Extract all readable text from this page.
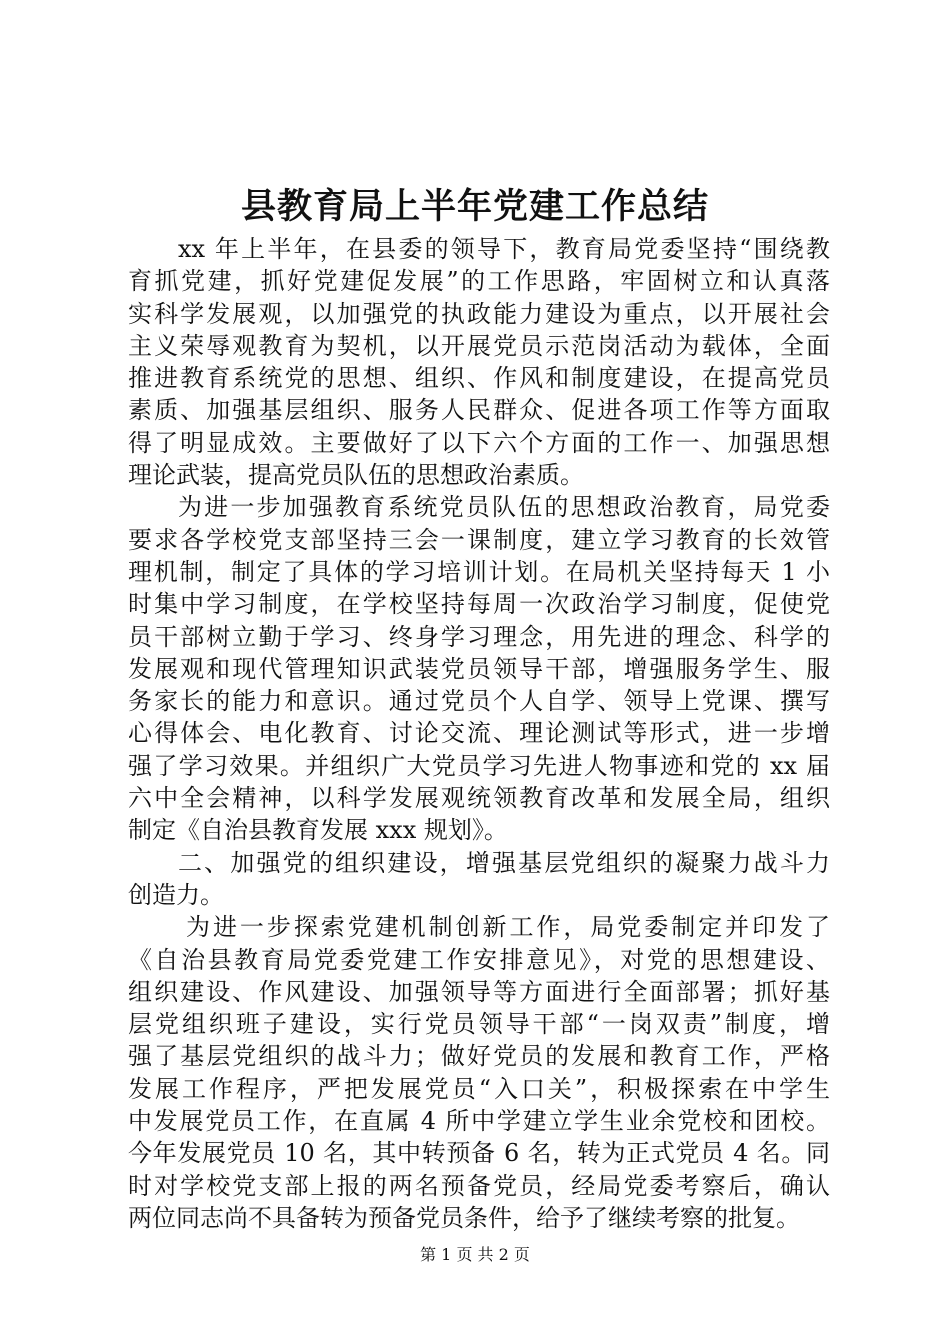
县教育局上半年党建工作总结

xx 年上半年，在县委的领导下，教育局党委坚持“围绕教

育抓党建，抓好党建促发展”的工作思路，牢固树立和认真落

实科学发展观，以加强党的执政能力建设为重点，以开展社会

主义荣辱观教育为契机，以开展党员示范岗活动为载体，全面

推进教育系统党的思想、组织、作风和制度建设，在提高党员

素质、加强基层组织、服务人民群众、促进各项工作等方面取

得了明显成效。主要做好了以下六个方面的工作一、加强思想

理论武装，提高党员队伍的思想政治素质。

为进一步加强教育系统党员队伍的思想政治教育，局党委

要求各学校党支部坚持三会一课制度，建立学习教育的长效管

理机制，制定了具体的学习培训计划。在局机关坚持每天 1 小

时集中学习制度，在学校坚持每周一次政治学习制度，促使党

员干部树立勤于学习、终身学习理念，用先进的理念、科学的

发展观和现代管理知识武装党员领导干部，增强服务学生、服

务家长的能力和意识。通过党员个人自学、领导上党课、撰写

心得体会、电化教育、讨论交流、理论测试等形式，进一步增

强了学习效果。并组织广大党员学习先进人物事迹和党的 xx 届

六中全会精神，以科学发展观统领教育改革和发展全局，组织

制定《自治县教育发展 xxx 规划》。

二、加强党的组织建设，增强基层党组织的凝聚力战斗力

创造力。

为进一步探索党建机制创新工作，局党委制定并印发了

《自治县教育局党委党建工作安排意见》，对党的思想建设、

组织建设、作风建设、加强领导等方面进行全面部署；抓好基

层党组织班子建设，实行党员领导干部“一岗双责”制度，增

强了基层党组织的战斗力；做好党员的发展和教育工作，严格

发展工作程序，严把发展党员“入口关”，积极探索在中学生

中发展党员工作，在直属 4 所中学建立学生业余党校和团校。

今年发展党员 10 名，其中转预备 6 名，转为正式党员 4 名。同

时对学校党支部上报的两名预备党员，经局党委考察后，确认

两位同志尚不具备转为预备党员条件，给予了继续考察的批复。

第 1 页 共 2 页
